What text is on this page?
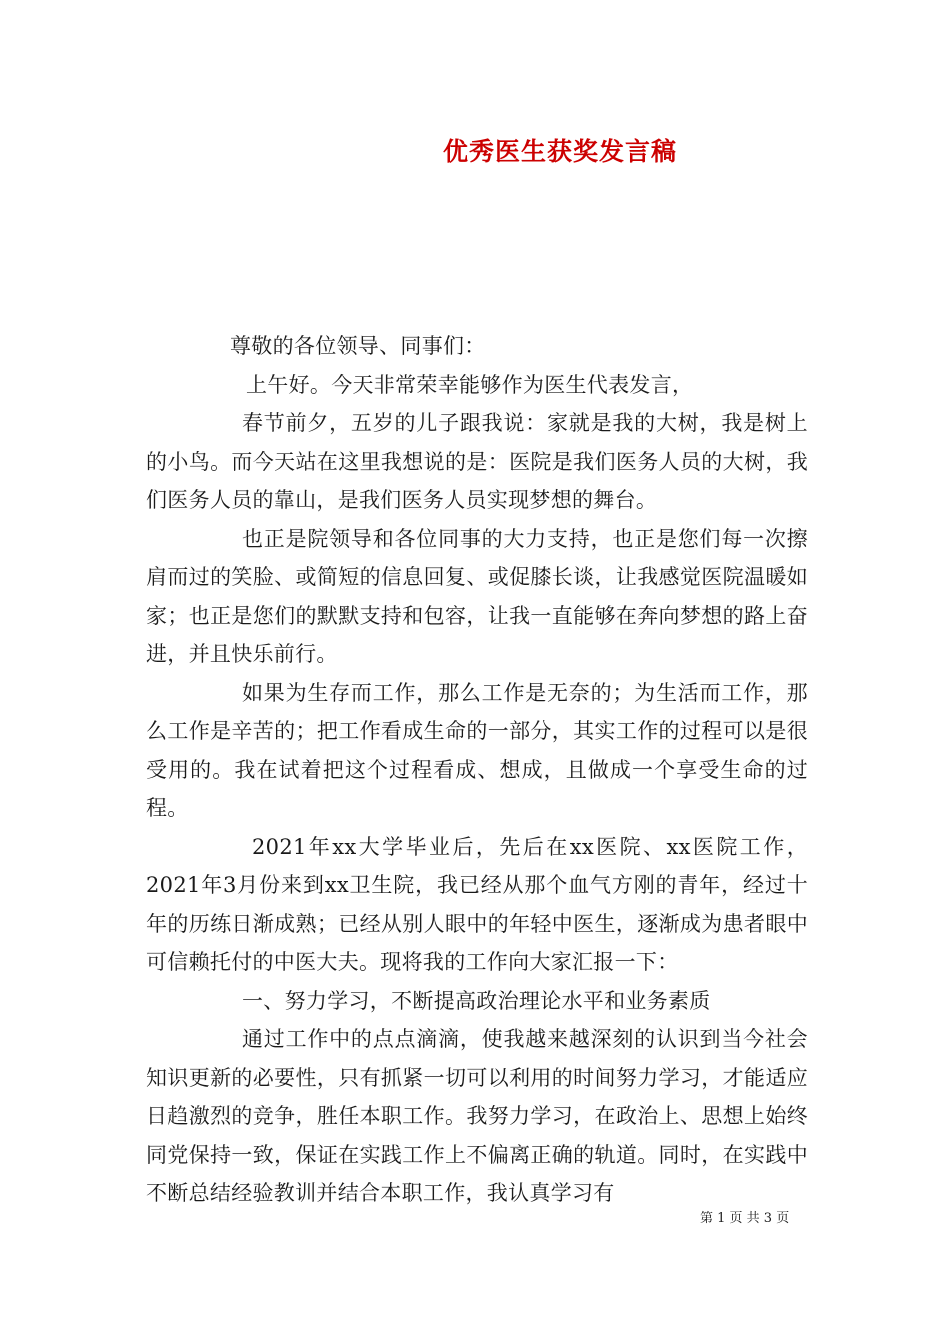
优秀医生获奖发言稿

尊敬的各位领导、同事们：

上午好。今天非常荣幸能够作为医生代表发言，

春节前夕，五岁的儿子跟我说：家就是我的大树，我是树上的小鸟。而今天站在这里我想说的是：医院是我们医务人员的大树，我们医务人员的靠山，是我们医务人员实现梦想的舞台。

也正是院领导和各位同事的大力支持，也正是您们每一次擦肩而过的笑脸、或简短的信息回复、或促膝长谈，让我感觉医院温暖如家；也正是您们的默默支持和包容，让我一直能够在奔向梦想的路上奋进，并且快乐前行。

如果为生存而工作，那么工作是无奈的；为生活而工作，那么工作是辛苦的；把工作看成生命的一部分，其实工作的过程可以是很受用的。我在试着把这个过程看成、想成，且做成一个享受生命的过程。

2021年xx大学毕业后，先后在xx医院、xx医院工作，2021年3月份来到xx卫生院，我已经从那个血气方刚的青年，经过十年的历练日渐成熟；已经从别人眼中的年轻中医生，逐渐成为患者眼中可信赖托付的中医大夫。现将我的工作向大家汇报一下：

一、努力学习，不断提高政治理论水平和业务素质

通过工作中的点点滴滴，使我越来越深刻的认识到当今社会知识更新的必要性，只有抓紧一切可以利用的时间努力学习，才能适应日趋激烈的竞争，胜任本职工作。我努力学习，在政治上、思想上始终同党保持一致，保证在实践工作上不偏离正确的轨道。同时，在实践中不断总结经验教训并结合本职工作，我认真学习有

第 1 页 共 3 页
